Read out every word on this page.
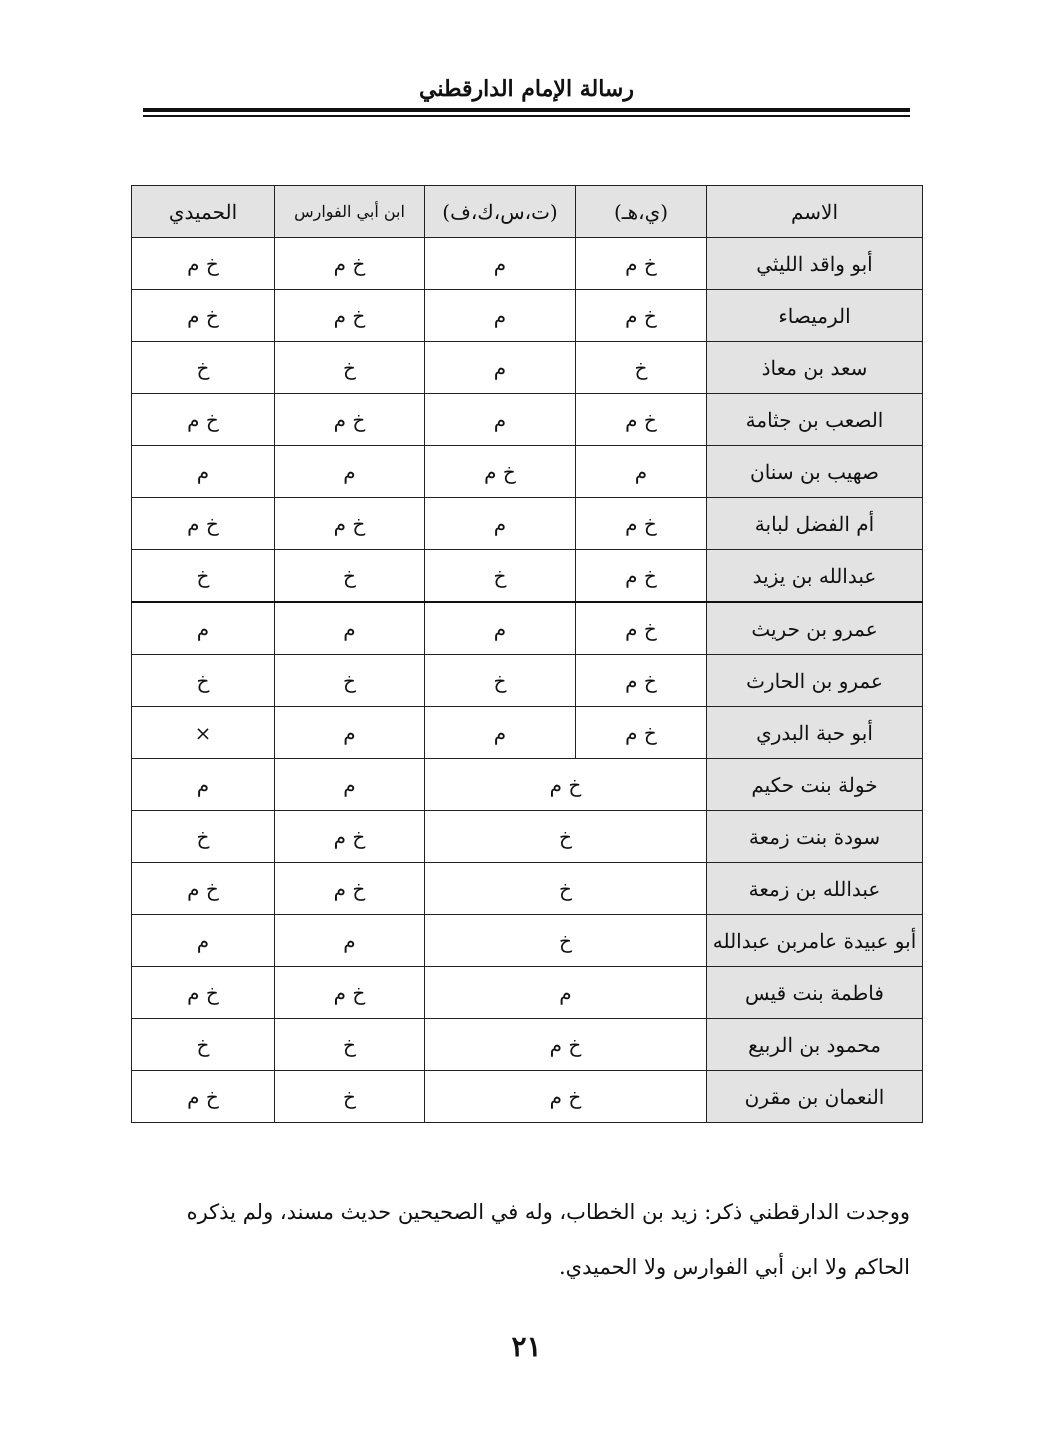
رسالة الإمام الدارقطني
الاسم	(ي،هـ)	(ت،س،ك،ف)	ابن أبي الفوارس	الحميدي
أبو واقد الليثي	خ م	م	خ م	خ م
الرميصاء	خ م	م	خ م	خ م
سعد بن معاذ	خ	م	خ	خ
الصعب بن جثامة	خ م	م	خ م	خ م
صهيب بن سنان	م	خ م	م	م
أم الفضل لبابة	خ م	م	خ م	خ م
عبدالله بن يزيد	خ م	خ	خ	خ
عمرو بن حريث	خ م	م	م	م
عمرو بن الحارث	خ م	خ	خ	خ
أبو حبة البدري	خ م	م	م	×
خولة بنت حكيم	خ م		م	م
سودة بنت زمعة	خ		خ م	خ
عبدالله بن زمعة	خ		خ م	خ م
أبو عبيدة عامربن عبدالله	خ		م	م
فاطمة بنت قيس	م		خ م	خ م
محمود بن الربيع	خ م		خ	خ
النعمان بن مقرن	خ م		خ	خ م

ووجدت الدارقطني ذكر: زيد بن الخطاب، وله في الصحيحين حديث مسند، ولم يذكره

الحاكم ولا ابن أبي الفوارس ولا الحميدي.

٢١
